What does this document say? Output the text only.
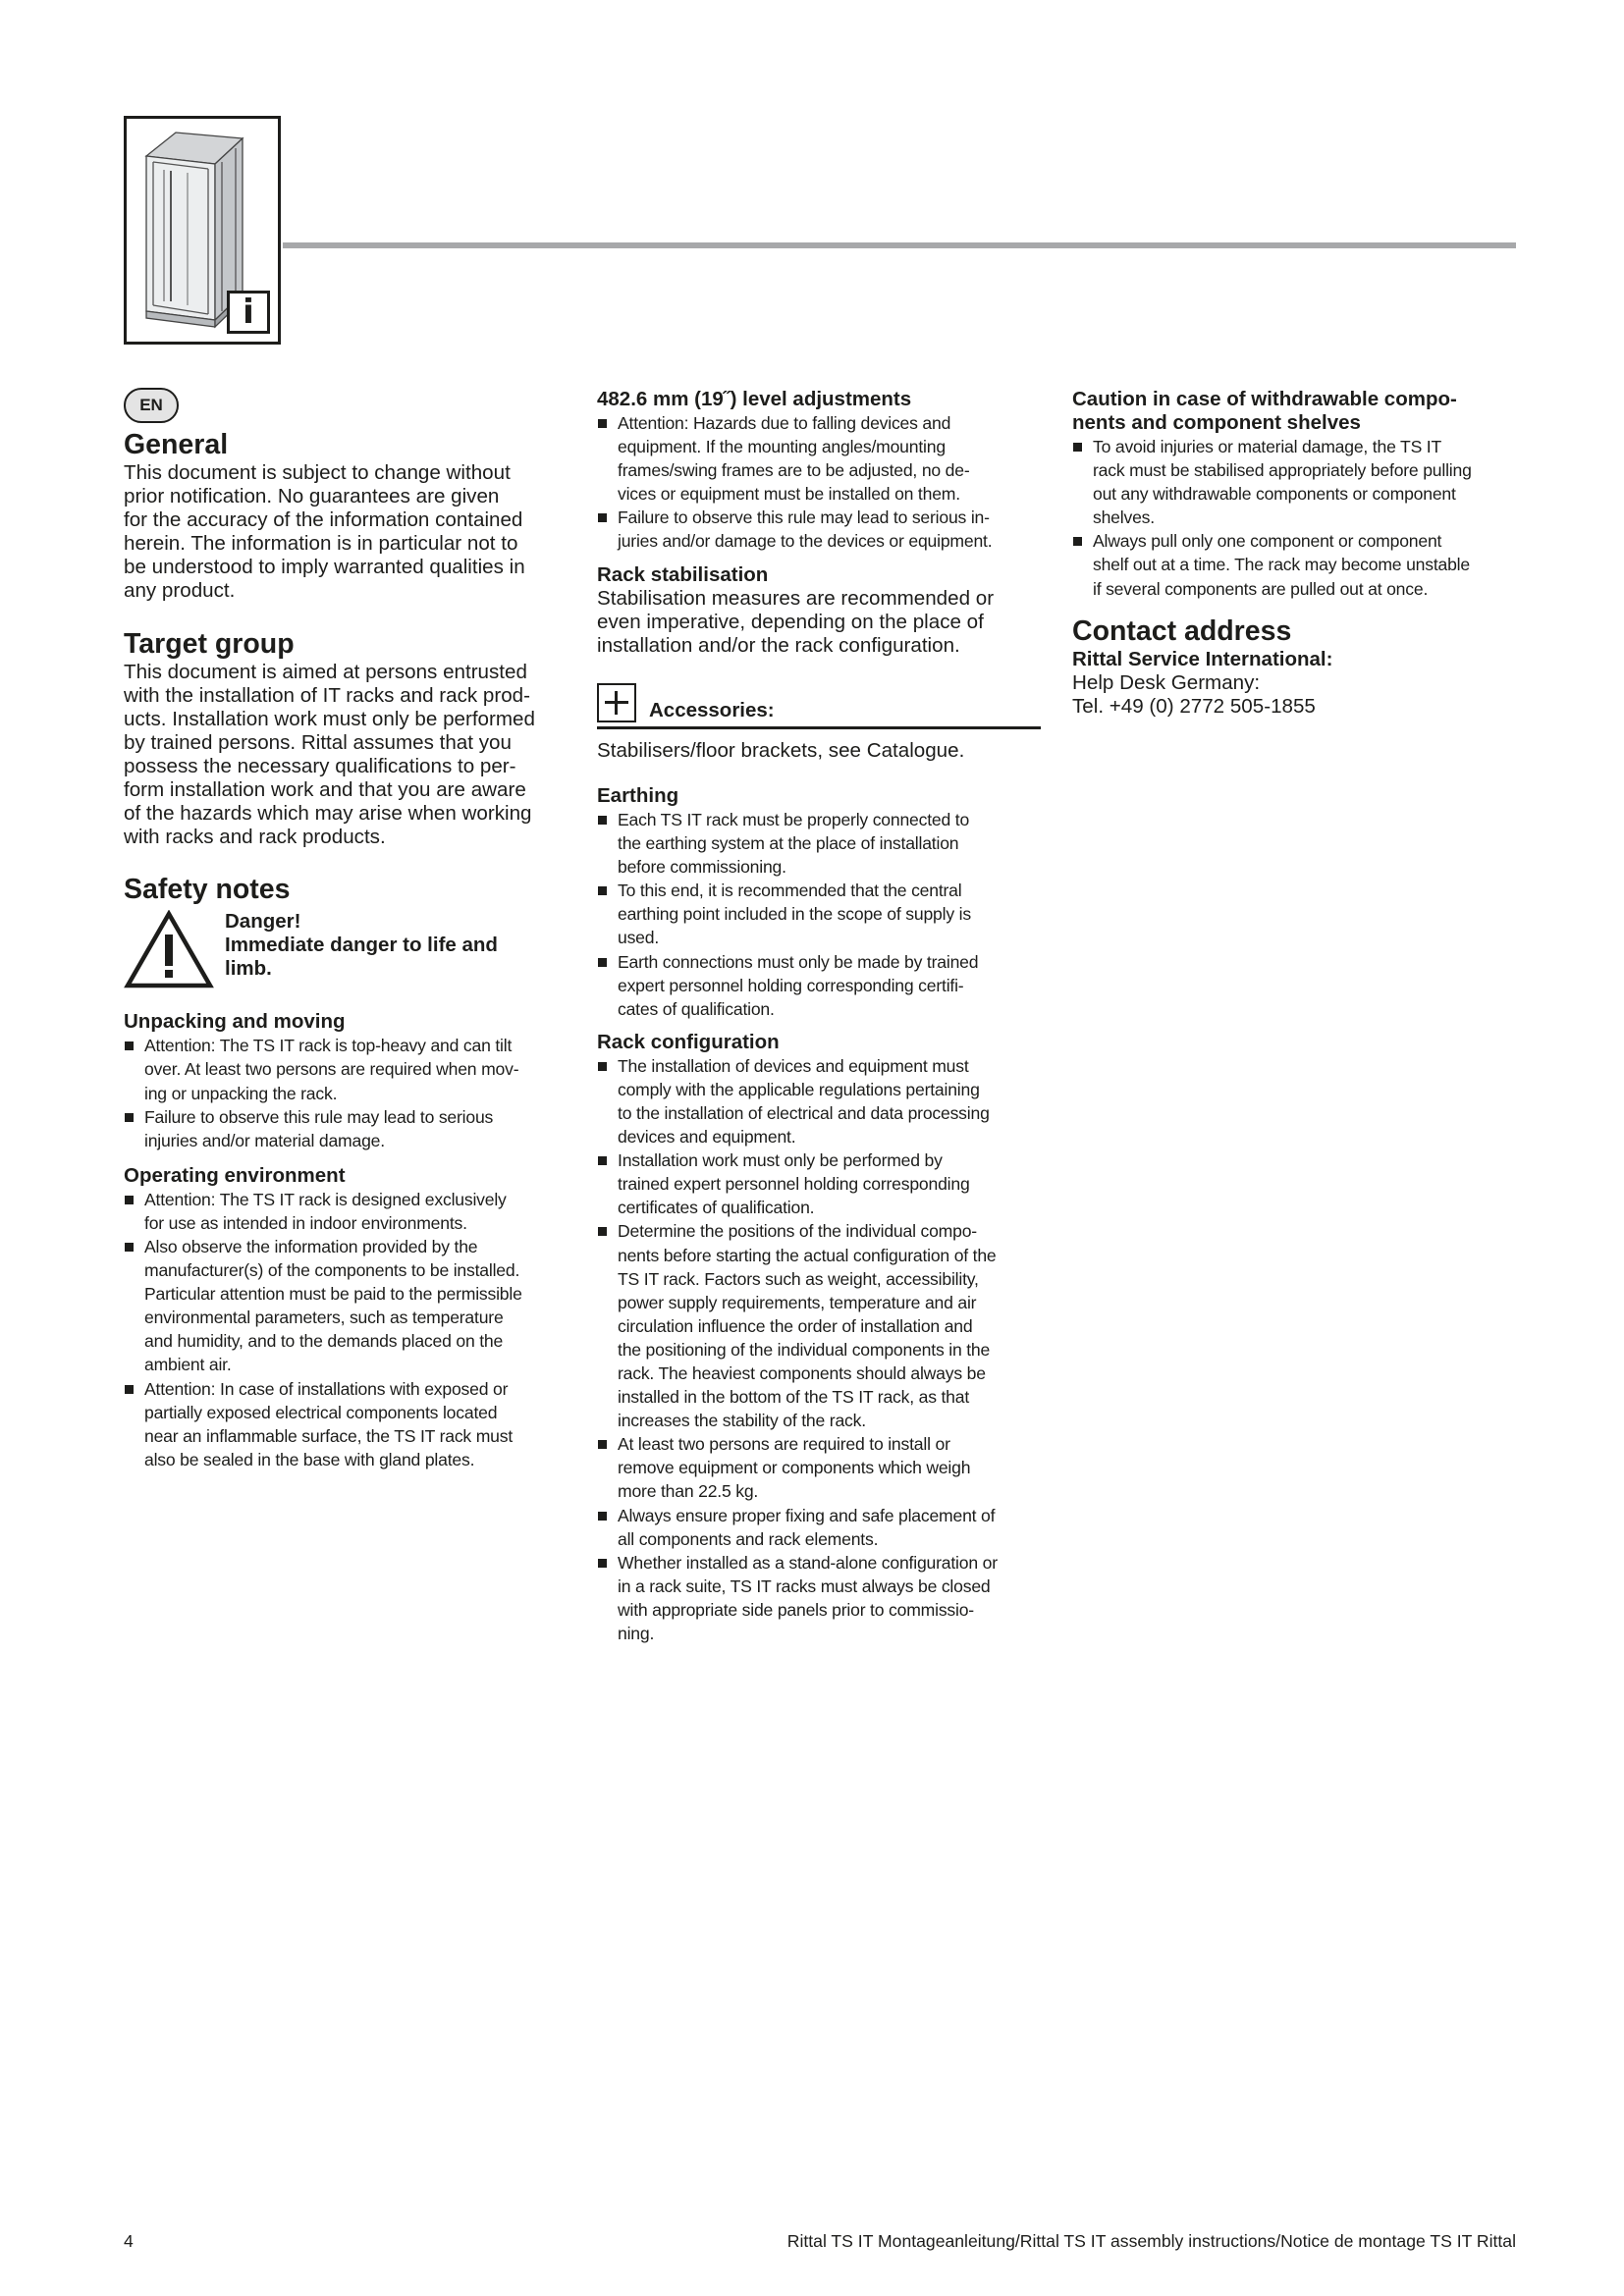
i
EN
General

This document is subject to change without
prior notification. No guarantees are given
for the accuracy of the information contained
herein. The information is in particular not to
be understood to imply warranted qualities in
any product.

Target group

This document is aimed at persons entrusted
with the installation of IT racks and rack prod-
ucts. Installation work must only be performed
by trained persons. Rittal assumes that you
possess the necessary qualifications to per-
form installation work and that you are aware
of the hazards which may arise when working
with racks and rack products.

Safety notes
Danger!
Immediate danger to life and
limb.
Unpacking and moving
Attention: The TS IT rack is top-heavy and can tilt
over. At least two persons are required when mov-
ing or unpacking the rack.
Failure to observe this rule may lead to serious
injuries and/or material damage.
Operating environment
Attention: The TS IT rack is designed exclusively
for use as intended in indoor environments.
Also observe the information provided by the
manufacturer(s) of the components to be installed.
Particular attention must be paid to the permissible
environmental parameters, such as temperature
and humidity, and to the demands placed on the
ambient air.
Attention: In case of installations with exposed or
partially exposed electrical components located
near an inflammable surface, the TS IT rack must
also be sealed in the base with gland plates.
482.6 mm (19˝) level adjustments
Attention: Hazards due to falling devices and
equipment. If the mounting angles/mounting
frames/swing frames are to be adjusted, no de-
vices or equipment must be installed on them.
Failure to observe this rule may lead to serious in-
juries and/or damage to the devices or equipment.
Rack stabilisation

Stabilisation measures are recommended or
even imperative, depending on the place of
installation and/or the rack configuration.

Accessories:

Stabilisers/floor brackets, see Catalogue.

Earthing
Each TS IT rack must be properly connected to
the earthing system at the place of installation
before commissioning.
To this end, it is recommended that the central
earthing point included in the scope of supply is
used.
Earth connections must only be made by trained
expert personnel holding corresponding certifi-
cates of qualification.
Rack configuration
The installation of devices and equipment must
comply with the applicable regulations pertaining
to the installation of electrical and data processing
devices and equipment.
Installation work must only be performed by
trained expert personnel holding corresponding
certificates of qualification.
Determine the positions of the individual compo-
nents before starting the actual configuration of the
TS IT rack. Factors such as weight, accessibility,
power supply requirements, temperature and air
circulation influence the order of installation and
the positioning of the individual components in the
rack. The heaviest components should always be
installed in the bottom of the TS IT rack, as that
increases the stability of the rack.
At least two persons are required to install or
remove equipment or components which weigh
more than 22.5 kg.
Always ensure proper fixing and safe placement of
all components and rack elements.
Whether installed as a stand-alone configuration or
in a rack suite, TS IT racks must always be closed
with appropriate side panels prior to commissio-
ning.
Caution in case of withdrawable compo-
nents and component shelves
To avoid injuries or material damage, the TS IT
rack must be stabilised appropriately before pulling
out any withdrawable components or component
shelves.
Always pull only one component or component
shelf out at a time. The rack may become unstable
if several components are pulled out at once.
Contact address
Rittal Service International:

Help Desk Germany:
Tel. +49 (0) 2772 505-1855

4	Rittal TS IT Montageanleitung/Rittal TS IT assembly instructions/Notice de montage TS IT Rittal
